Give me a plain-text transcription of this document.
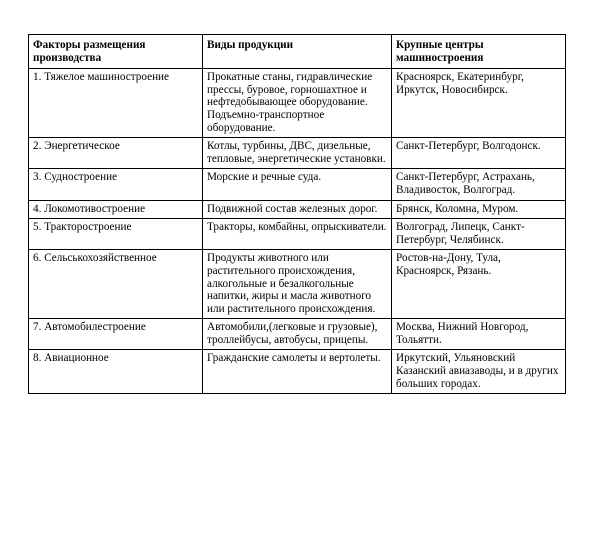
Факторы размещения производства	Виды продукции	Крупные центры машиностроения
1. Тяжелое машиностроение	Прокатные станы, гидравлические прессы, буровое, горношахтное и нефтедобывающее оборудование. Подъемно-транспортное оборудование.	Красноярск, Екатеринбург, Иркутск, Новосибирск.
2. Энергетическое	Котлы, турбины, ДВС, дизельные, тепловые, энергетические установки.	Санкт-Петербург, Волгодонск.
3. Судностроение	Морские и речные суда.	Санкт-Петербург, Астрахань, Владивосток, Волгоград.
4. Локомотивостроение	Подвижной состав железных дорог.	Брянск, Коломна, Муром.
5. Тракторостроение	Тракторы, комбайны, опрыскиватели.	Волгоград, Липецк, Санкт-Петербург, Челябинск.
6. Сельськохозяйственное	Продукты животного или растительного происхождения, алкогольные и безалкогольные напитки, жиры и масла животного или растительного происхождения.	Ростов-на-Дону, Тула, Красноярск, Рязань.
7. Автомобилестроение	Автомобили,(легковые и грузовые), троллейбусы, автобусы, прицепы.	Москва, Нижний Новгород, Тольятти.
8. Авиационное	Гражданские самолеты и вертолеты.	Иркутский, Ульяновский Казанский авиазаводы, и в других больших городах.
